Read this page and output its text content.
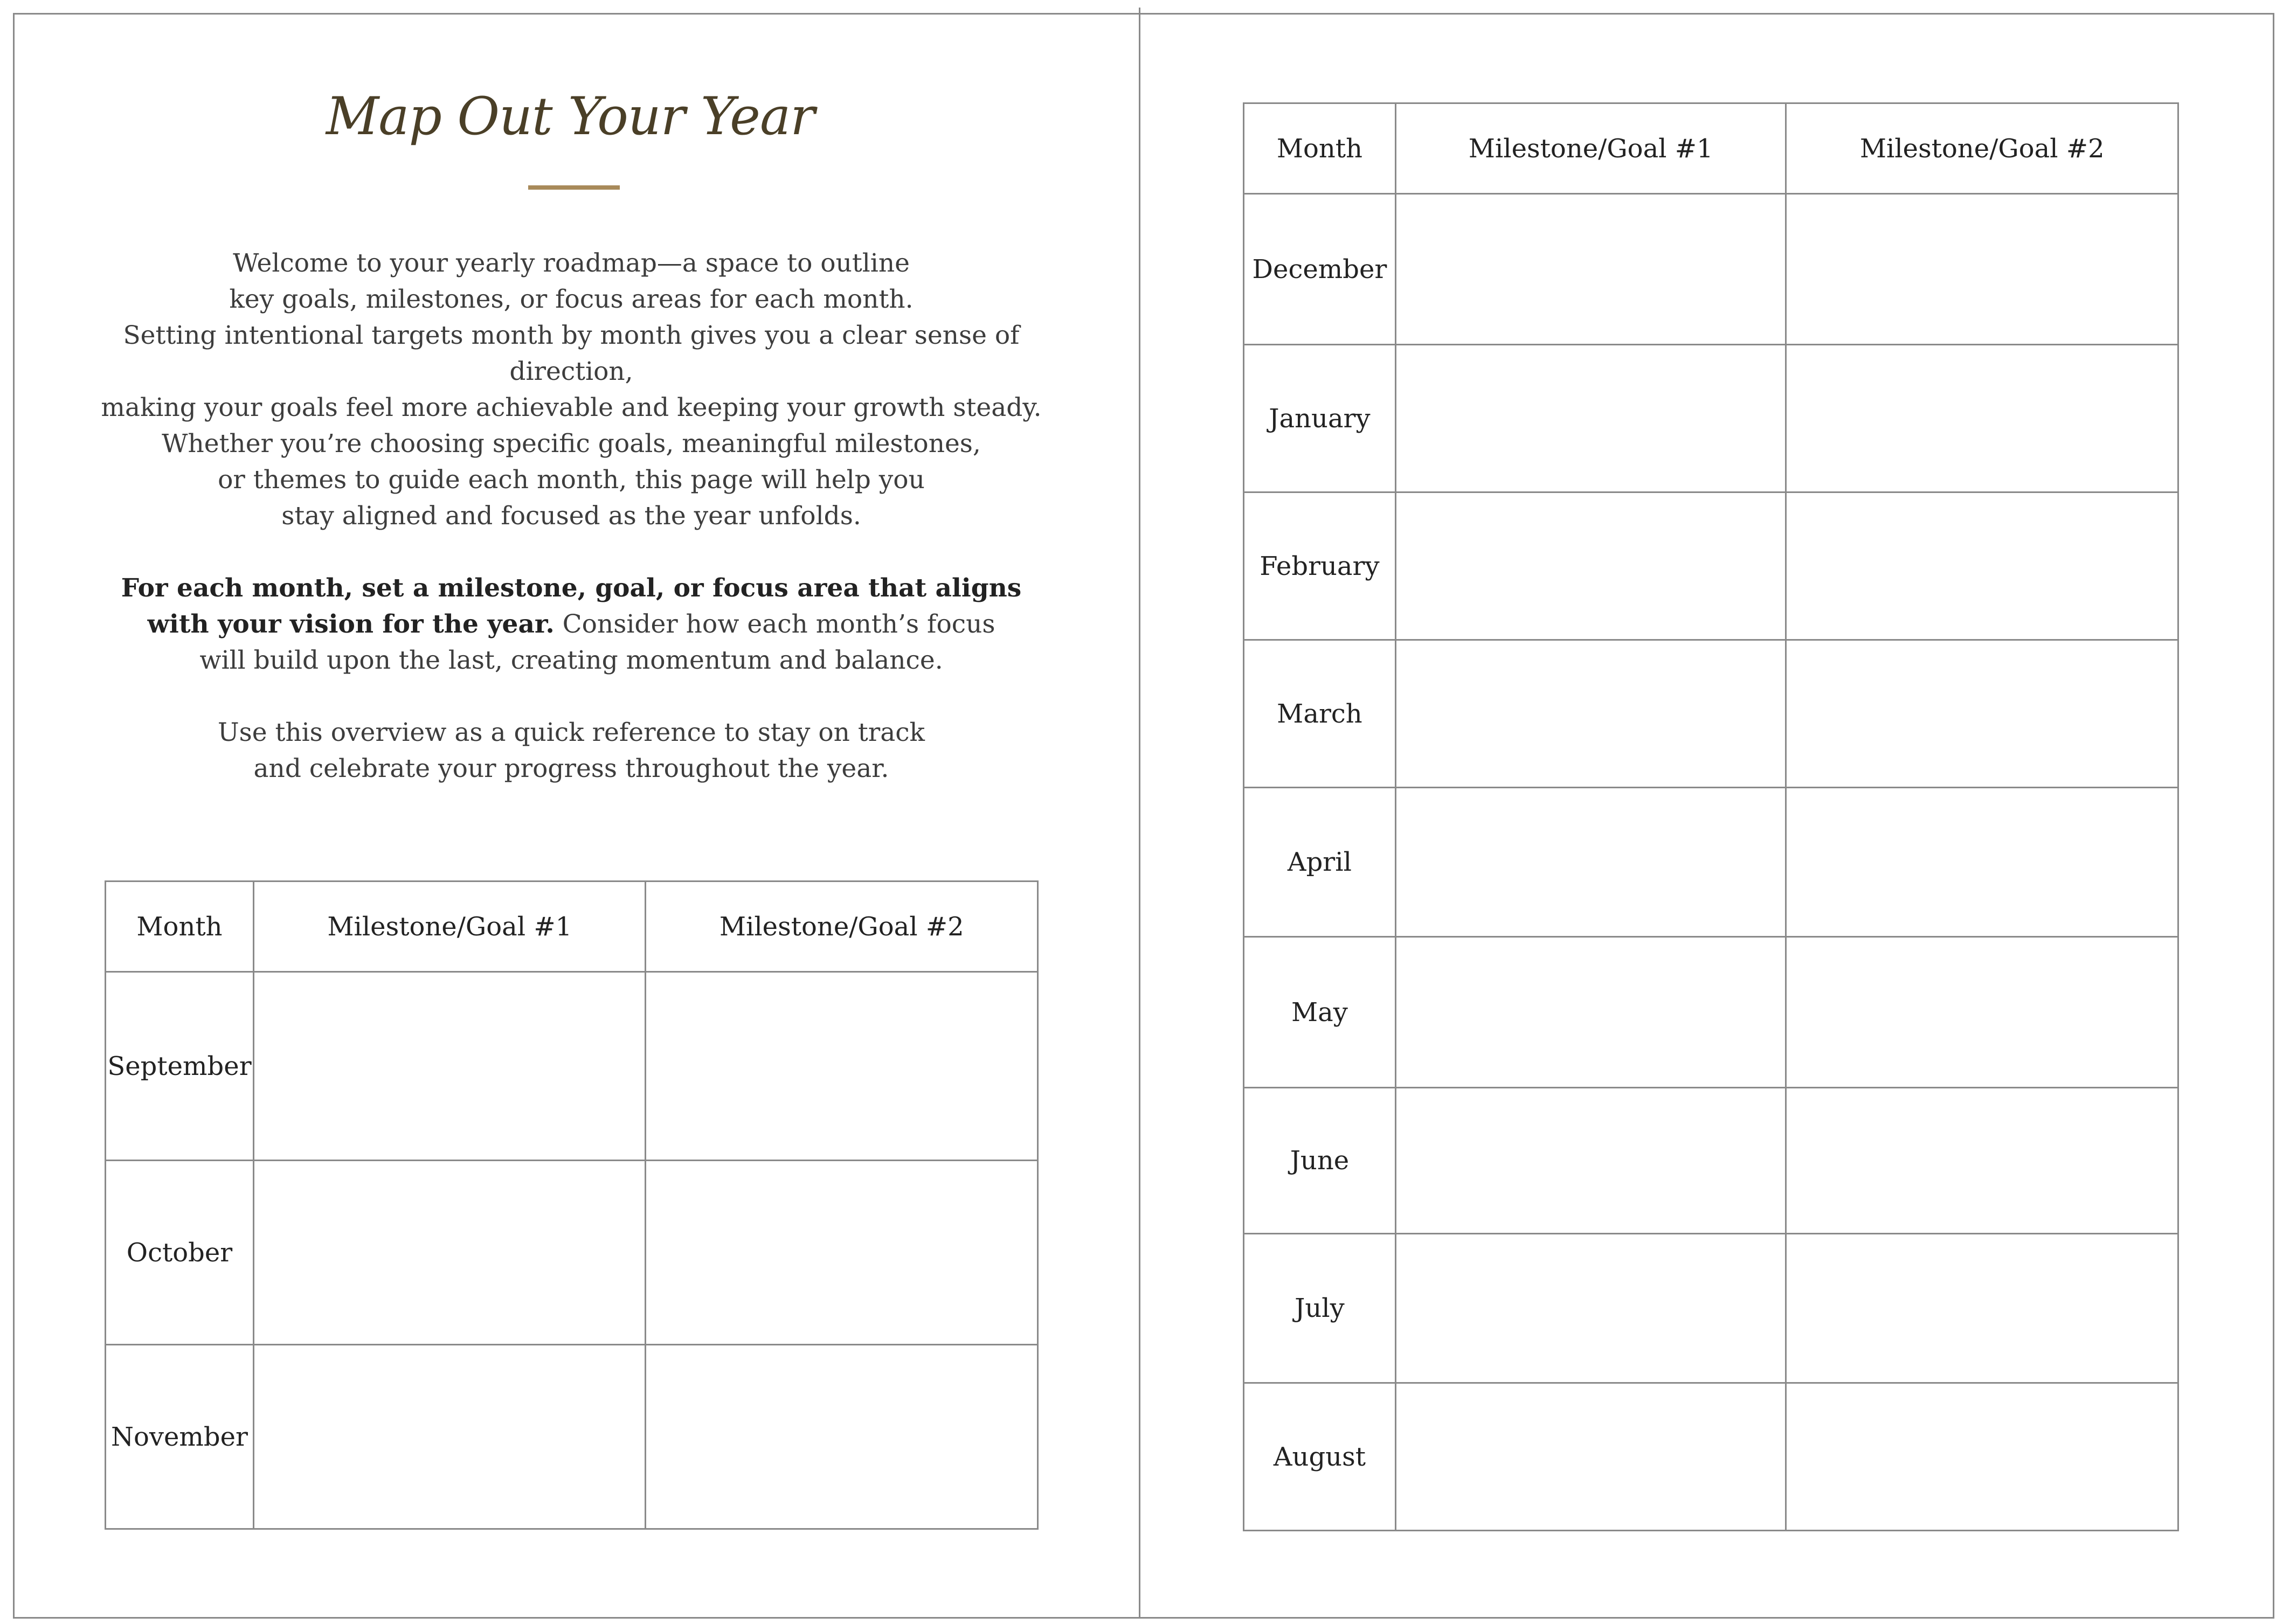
Map Out Your Year

Welcome to your yearly roadmap—a space to outline
key goals, milestones, or focus areas for each month.
Setting intentional targets month by month gives you a clear sense of direction,
making your goals feel more achievable and keeping your growth steady.
Whether you’re choosing specific goals, meaningful milestones,
or themes to guide each month, this page will help you
stay aligned and focused as the year unfolds.

For each month, set a milestone, goal, or focus area that aligns
with your vision for the year. Consider how each month’s focus
will build upon the last, creating momentum and balance.

Use this overview as a quick reference to stay on track
and celebrate your progress throughout the year.

Month	Milestone/Goal #1	Milestone/Goal #2
September		
October		
November		
Month	Milestone/Goal #1	Milestone/Goal #2
December		
January		
February		
March		
April		
May		
June		
July		
August		
